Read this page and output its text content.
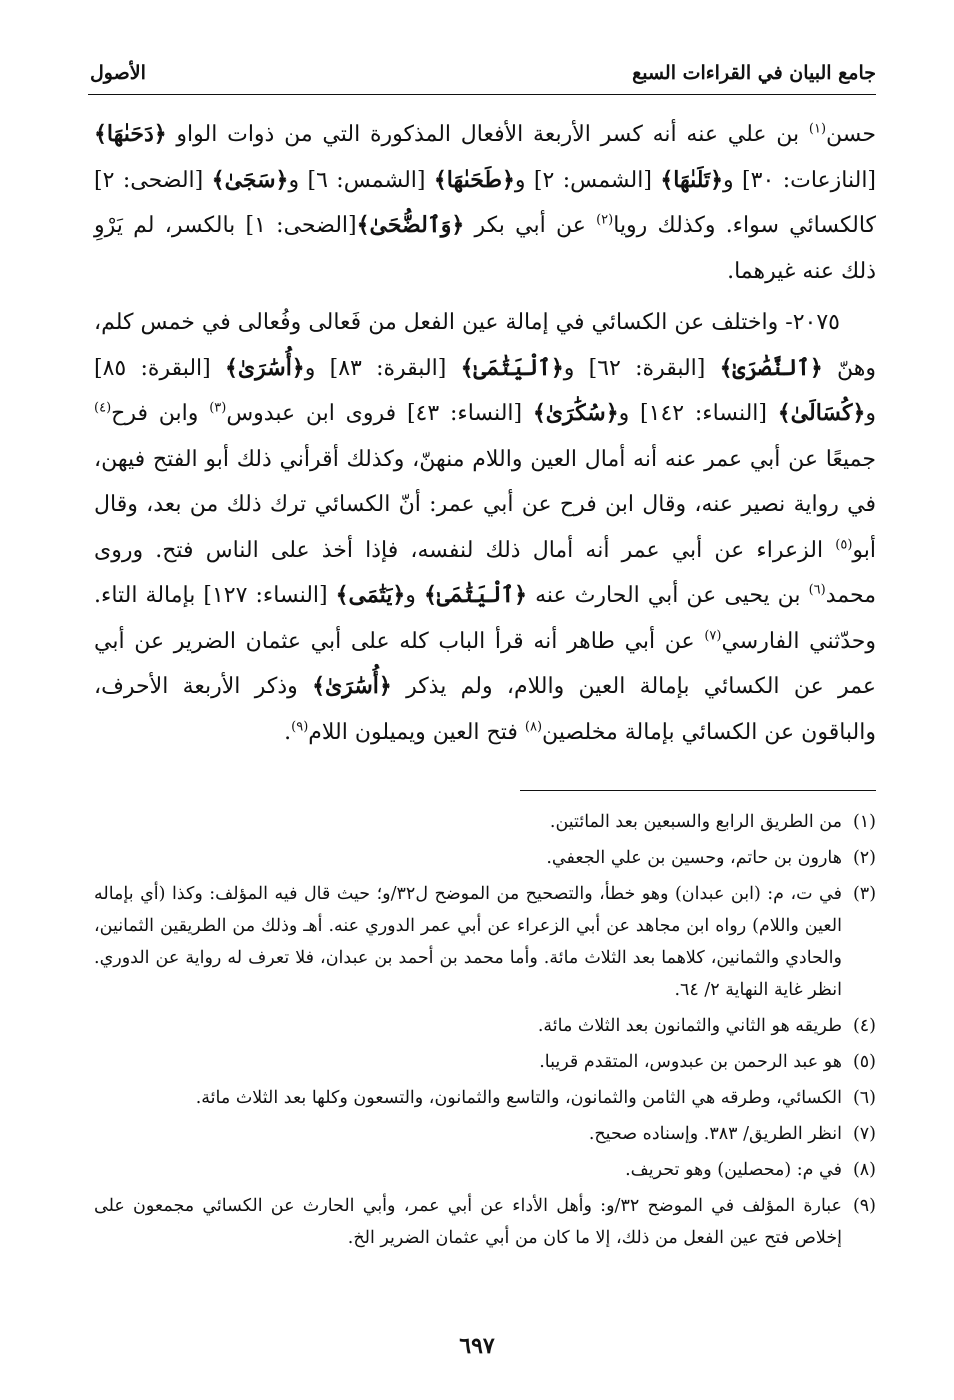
جامع البيان في القراءات السبع
الأصول

حسن$^{(١)}$ بن علي عنه أنه كسر الأربعة الأفعال المذكورة التي من ذوات الواو ﴿دَحَىٰهَا﴾ [النازعات: ٣٠] و﴿تَلَىٰهَا﴾ [الشمس: ٢] و﴿طَحَىٰهَا﴾ [الشمس: ٦] و﴿سَجَىٰ﴾ [الضحى: ٢] كالكسائي سواء. وكذلك رويا$^{(٢)}$ عن أبي بكر ﴿وَٱلضُّحَىٰ﴾[الضحى: ١] بالكسر، لم يَرْوِ ذلك عنه غيرهما.

٢٠٧٥- واختلف عن الكسائي في إمالة عين الفعل من فَعالى وفُعالى في خمس كلم، وهنّ ﴿ٱلنَّصَٰرَىٰ﴾ [البقرة: ٦٢] و﴿ٱلْيَتَٰمَىٰ﴾ [البقرة: ٨٣] و﴿أُسَٰرَىٰ﴾ [البقرة: ٨٥] و﴿كُسَالَىٰ﴾ [النساء: ١٤٢] و﴿سُكَٰرَىٰ﴾ [النساء: ٤٣] فروى ابن عبدوس$^{(٣)}$ وابن فرح$^{(٤)}$ جميعًا عن أبي عمر عنه أنه أمال العين واللام منهنّ، وكذلك أقرأني ذلك أبو الفتح فيهن، في رواية نصير عنه، وقال ابن فرح عن أبي عمر: أنّ الكسائي ترك ذلك من بعد، وقال أبو$^{(٥)}$ الزعراء عن أبي عمر أنه أمال ذلك لنفسه، فإذا أخذ على الناس فتح. وروى محمد$^{(٦)}$ بن يحيى عن أبي الحارث عنه ﴿ٱلْيَتَٰمَىٰ﴾ و﴿يَتَٰمَى﴾ [النساء: ١٢٧] بإمالة التاء. وحدّثني الفارسي$^{(٧)}$ عن أبي طاهر أنه قرأ الباب كله على أبي عثمان الضرير عن أبي عمر عن الكسائي بإمالة العين واللام، ولم يذكر ﴿أُسَٰرَىٰ﴾ وذكر الأربعة الأحرف، والباقون عن الكسائي بإمالة مخلصين$^{(٨)}$ فتح العين ويميلون اللام$^{(٩)}$.

(١)من الطريق الرابع والسبعين بعد المائتين.

(٢)هارون بن حاتم، وحسين بن علي الجعفي.

(٣)في ت، م: (ابن عبدان) وهو خطأ، والتصحيح من الموضح ل٣٢/و؛ حيث قال فيه المؤلف: وكذا (أي بإماله العين واللام) رواه ابن مجاهد عن أبي الزعراء عن أبي عمر الدوري عنه. أهـ وذلك من الطريقين الثمانين، والحادي والثمانين، كلاهما بعد الثلاث مائة. وأما محمد بن أحمد بن عبدان، فلا تعرف له رواية عن الدوري. انظر غاية النهاية ٢/ ٦٤.

(٤)طريقه هو الثاني والثمانون بعد الثلاث مائة.

(٥)هو عبد الرحمن بن عبدوس، المتقدم قريبا.

(٦)الكسائي، وطرقه هي الثامن والثمانون، والتاسع والثمانون، والتسعون وكلها بعد الثلاث مائة.

(٧)انظر الطريق/ ٣٨٣. وإسناده صحيح.

(٨)في م: (محصلين) وهو تحريف.

(٩)عبارة المؤلف في الموضح ٣٢/و: وأهل الأداء عن أبي عمر، وأبي الحارث عن الكسائي مجمعون على إخلاص فتح عين الفعل من ذلك، إلا ما كان من أبي عثمان الضرير الخ.

٦٩٧
